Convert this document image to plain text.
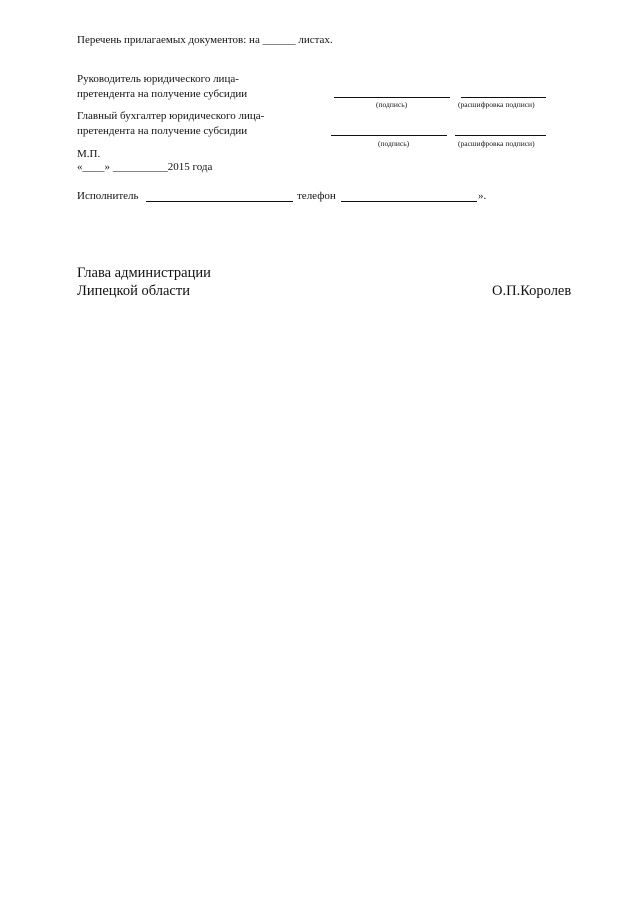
Перечень прилагаемых документов: на ______ листах.
Руководитель юридического лица-
претендента на получение субсидии
(подпись)	(расшифровка подписи)
Главный бухгалтер юридического лица-
претендента на получение субсидии
(подпись)	(расшифровка подписи)
М.П.
«____» __________2015 года
Исполнитель	телефон	».
Глава администрации
Липецкой области	О.П.Королев
